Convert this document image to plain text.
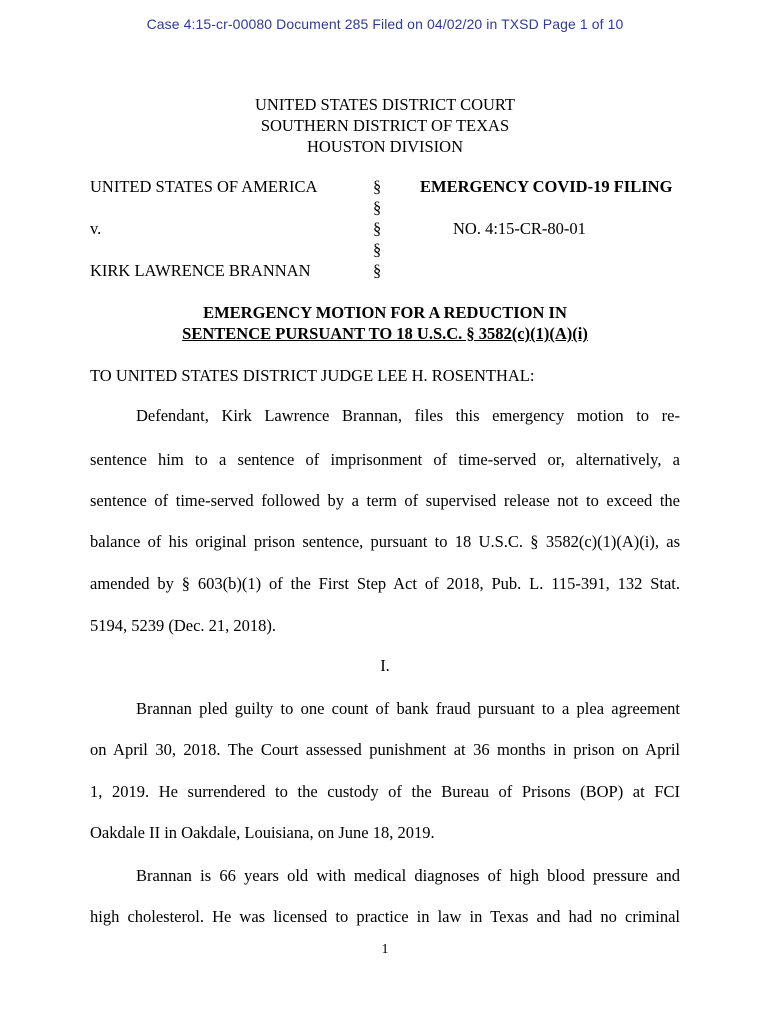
Case 4:15-cr-00080 Document 285 Filed on 04/02/20 in TXSD Page 1 of 10
UNITED STATES DISTRICT COURT
SOUTHERN DISTRICT OF TEXAS
HOUSTON DIVISION
UNITED STATES OF AMERICA	§ EMERGENCY COVID-19 FILING
§
v.	§	NO. 4:15-CR-80-01
§
KIRK LAWRENCE BRANNAN	§
EMERGENCY MOTION FOR A REDUCTION IN
SENTENCE PURSUANT TO 18 U.S.C. § 3582(c)(1)(A)(i)
TO UNITED STATES DISTRICT JUDGE LEE H. ROSENTHAL:
Defendant, Kirk Lawrence Brannan, files this emergency motion to re-
sentence him to a sentence of imprisonment of time-served or, alternatively, a
sentence of time-served followed by a term of supervised release not to exceed the
balance of his original prison sentence, pursuant to 18 U.S.C. § 3582(c)(1)(A)(i), as
amended by § 603(b)(1) of the First Step Act of 2018, Pub. L. 115-391, 132 Stat.
5194, 5239 (Dec. 21, 2018).
I.
Brannan pled guilty to one count of bank fraud pursuant to a plea agreement
on April 30, 2018. The Court assessed punishment at 36 months in prison on April
1, 2019. He surrendered to the custody of the Bureau of Prisons (BOP) at FCI
Oakdale II in Oakdale, Louisiana, on June 18, 2019.
Brannan is 66 years old with medical diagnoses of high blood pressure and
high cholesterol. He was licensed to practice in law in Texas and had no criminal
1
